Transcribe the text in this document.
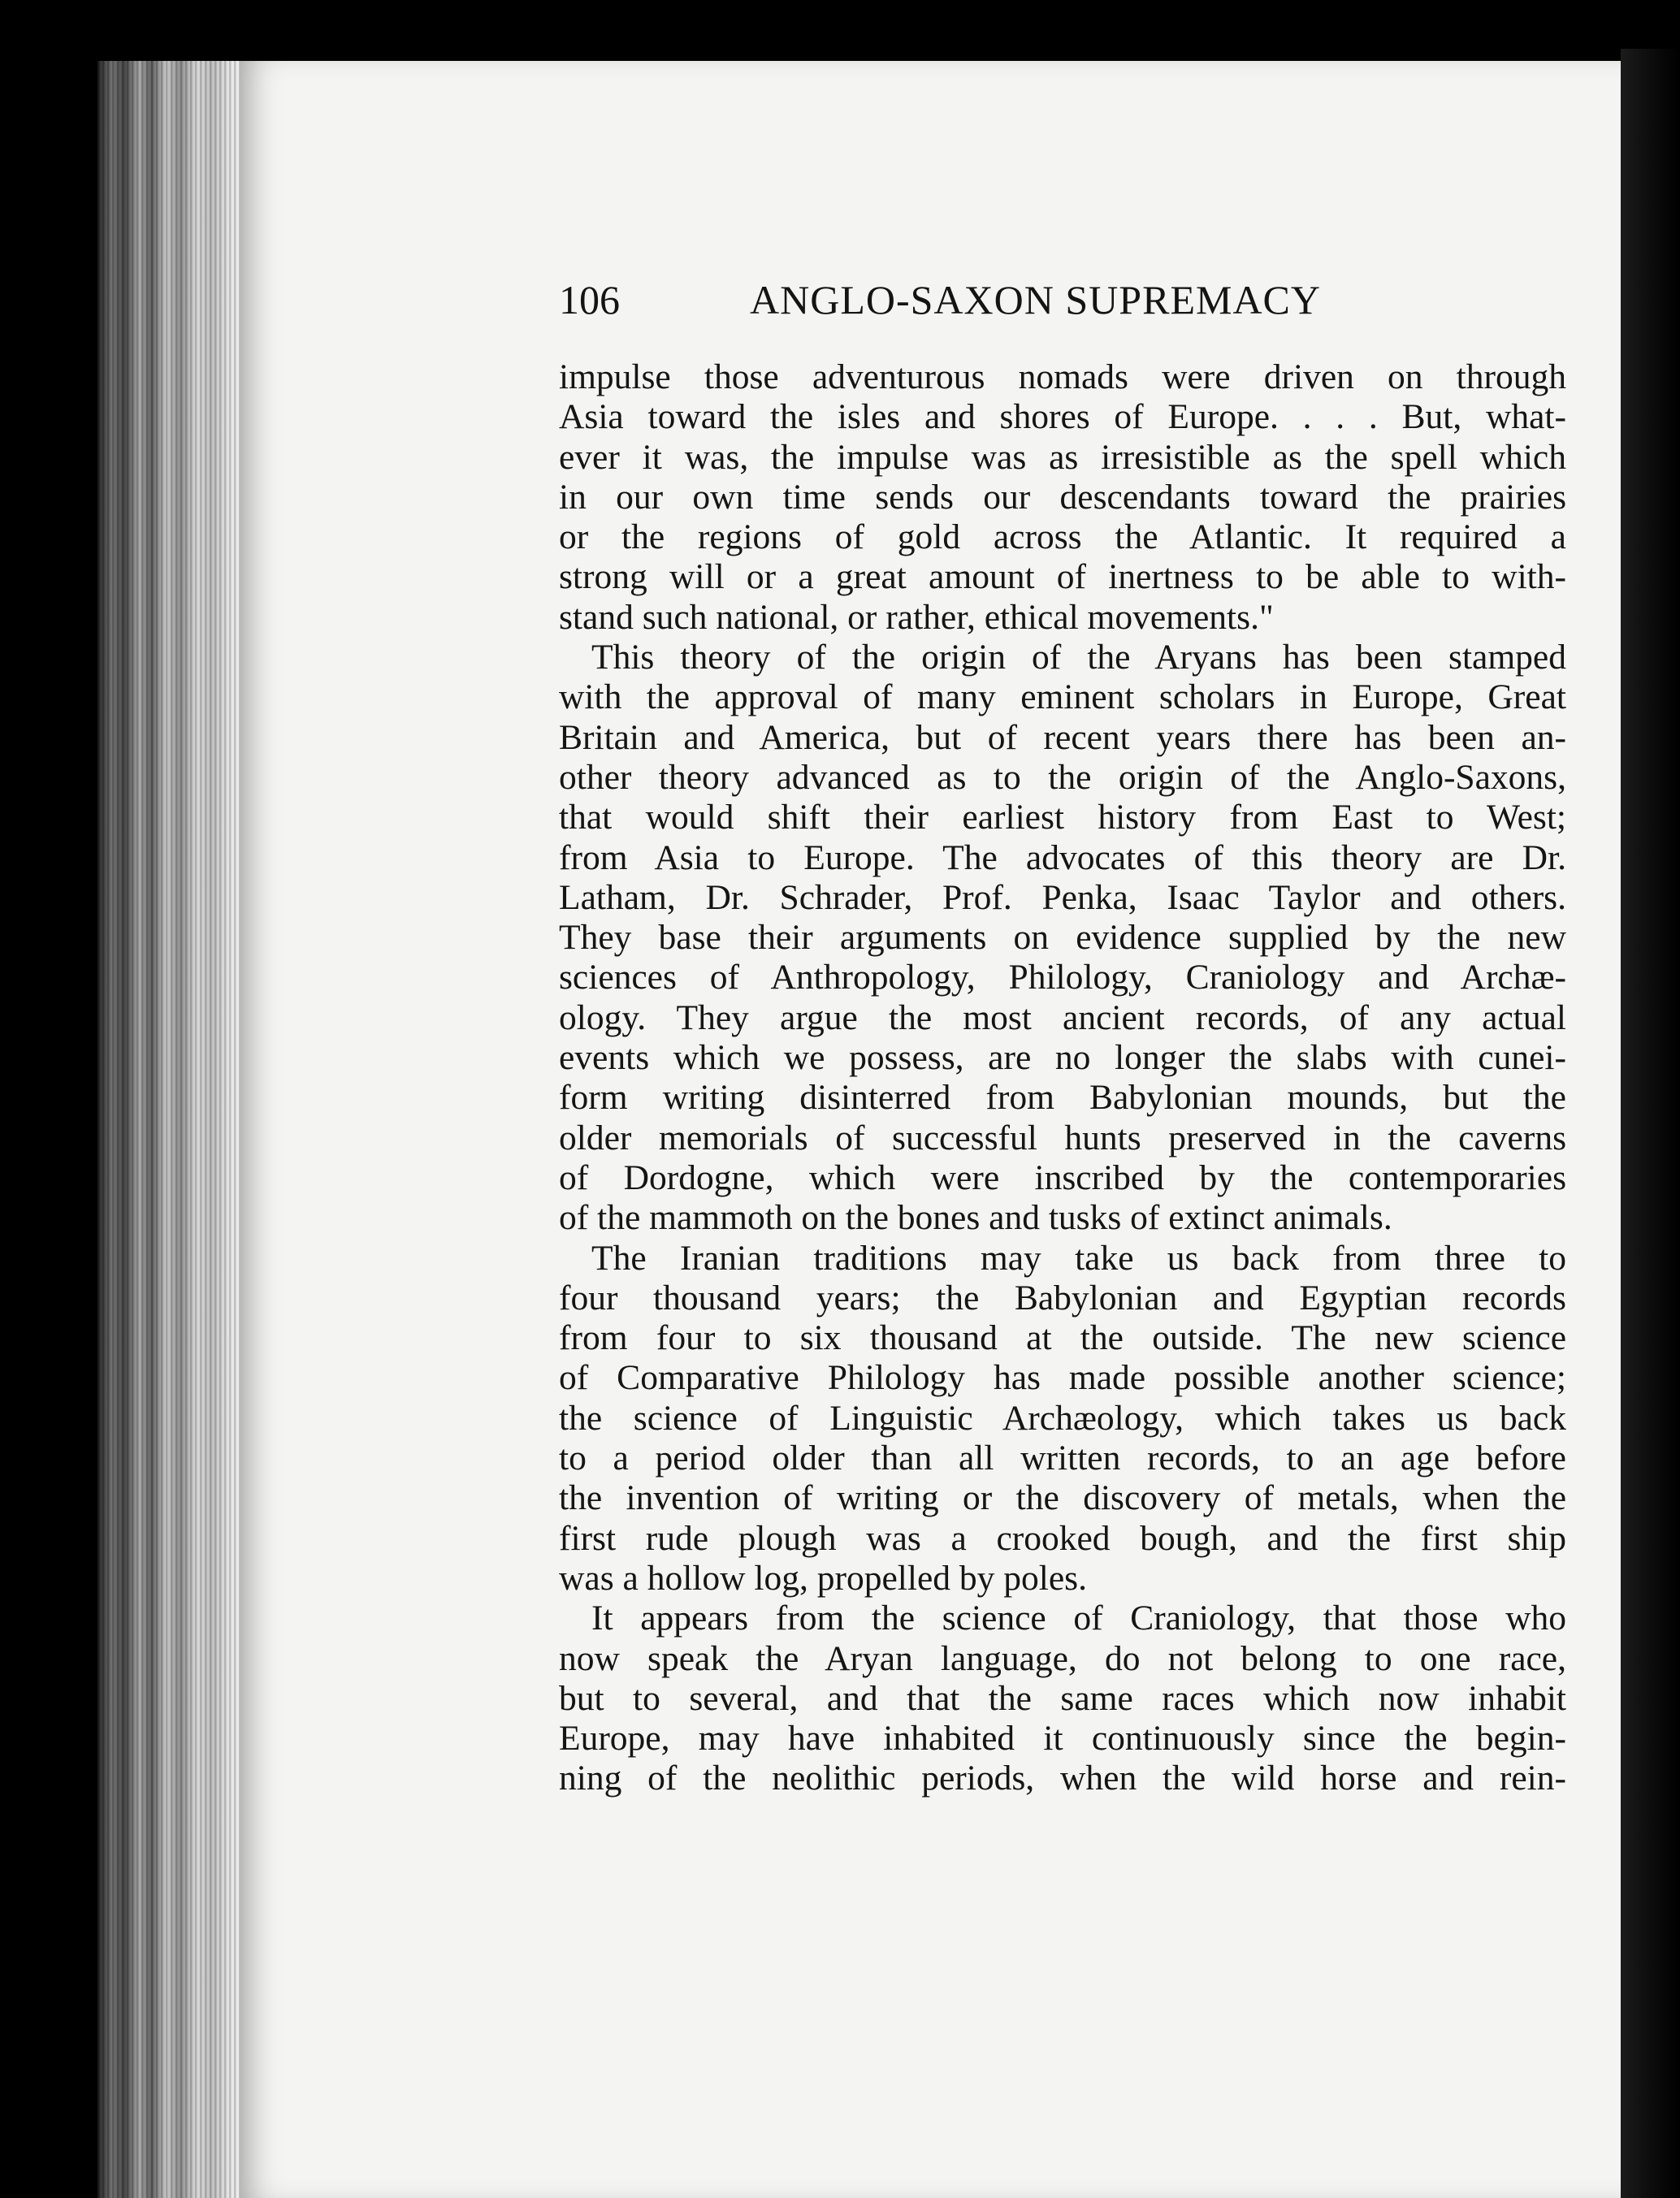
106	ANGLO-SAXON SUPREMACY
impulse those adventurous nomads were driven on through
Asia toward the isles and shores of Europe. . . . But, what-
ever it was, the impulse was as irresistible as the spell which
in our own time sends our descendants toward the prairies
or the regions of gold across the Atlantic. It required a
strong will or a great amount of inertness to be able to with-
stand such national, or rather, ethical movements."
This theory of the origin of the Aryans has been stamped
with the approval of many eminent scholars in Europe, Great
Britain and America, but of recent years there has been an-
other theory advanced as to the origin of the Anglo-Saxons,
that would shift their earliest history from East to West;
from Asia to Europe. The advocates of this theory are Dr.
Latham, Dr. Schrader, Prof. Penka, Isaac Taylor and others.
They base their arguments on evidence supplied by the new
sciences of Anthropology, Philology, Craniology and Archæ-
ology. They argue the most ancient records, of any actual
events which we possess, are no longer the slabs with cunei-
form writing disinterred from Babylonian mounds, but the
older memorials of successful hunts preserved in the caverns
of Dordogne, which were inscribed by the contemporaries
of the mammoth on the bones and tusks of extinct animals.
The Iranian traditions may take us back from three to
four thousand years; the Babylonian and Egyptian records
from four to six thousand at the outside. The new science
of Comparative Philology has made possible another science;
the science of Linguistic Archæology, which takes us back
to a period older than all written records, to an age before
the invention of writing or the discovery of metals, when the
first rude plough was a crooked bough, and the first ship
was a hollow log, propelled by poles.
It appears from the science of Craniology, that those who
now speak the Aryan language, do not belong to one race,
but to several, and that the same races which now inhabit
Europe, may have inhabited it continuously since the begin-
ning of the neolithic periods, when the wild horse and rein-
